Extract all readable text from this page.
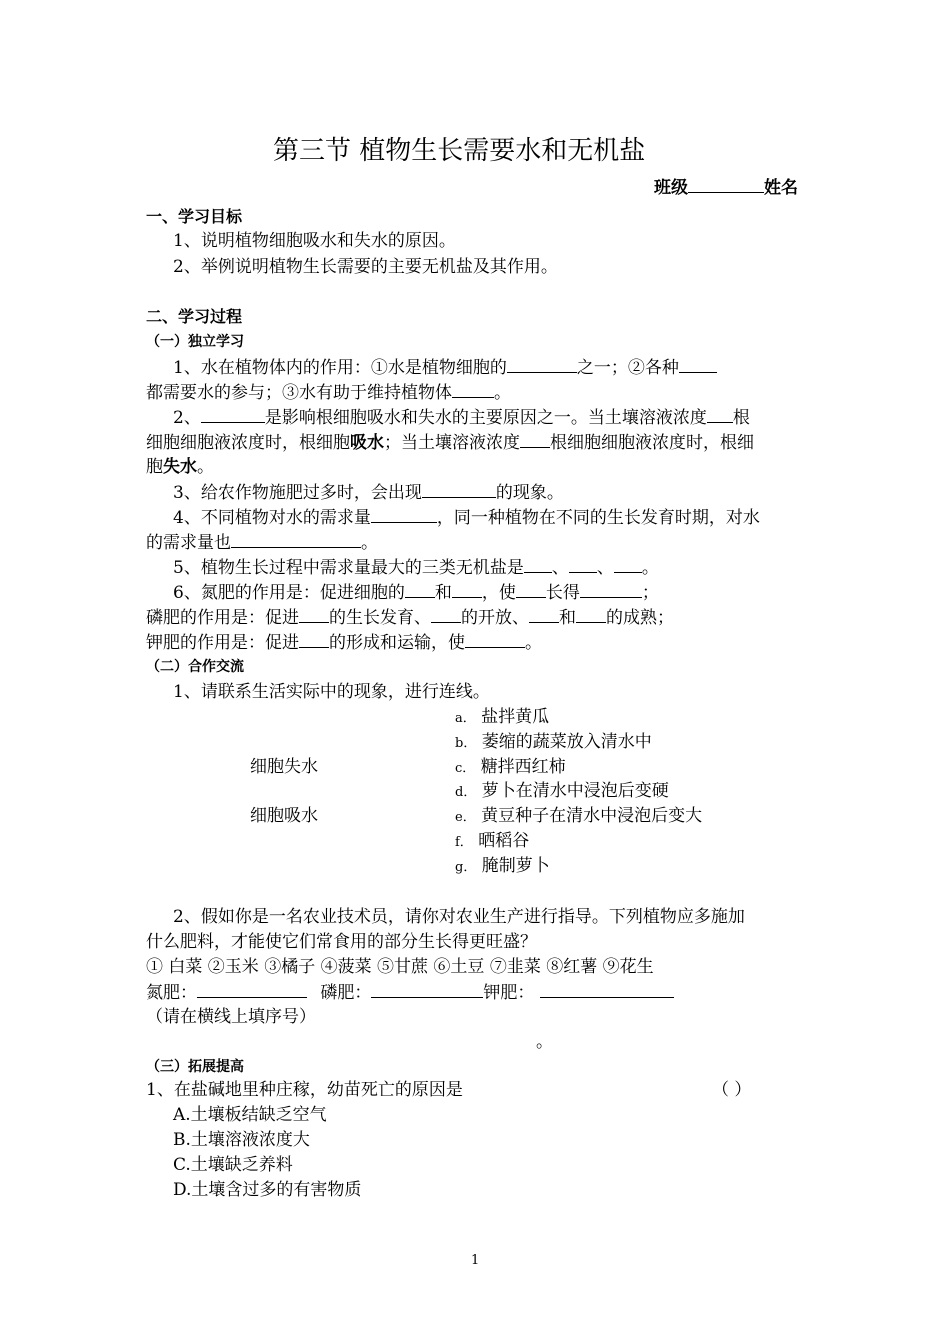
第三节 植物生长需要水和无机盐
班级	姓名
一、学习目标
1、说明植物细胞吸水和失水的原因。
2、举例说明植物生长需要的主要无机盐及其作用。
二、学习过程
（一）独立学习
1、水在植物体内的作用：①水是植物细胞的	之一；②各种
都需要水的参与；③水有助于维持植物体 。
2、	是影响根细胞吸水和失水的主要原因之一。当土壤溶液浓度 根
细胞细胞液浓度时，根细胞吸水；当土壤溶液浓度 根细胞细胞液浓度时，根细
胞失水。
3、给农作物施肥过多时，会出现	的现象。
4、不同植物对水的需求量	，同一种植物在不同的生长发育时期，对水
的需求量也	。
5、植物生长过程中需求量最大的三类无机盐是 、 、 。
6、氮肥的作用是：促进细胞的 和 ，使 长得	；
磷肥的作用是：促进 的生长发育、 的开放、 和 的成熟；
钾肥的作用是：促进 的形成和运输，使	。
（二）合作交流
1、请联系生活实际中的现象，进行连线。
细胞失水
细胞吸水
a． 盐拌黄瓜
b． 萎缩的蔬菜放入清水中
c． 糖拌西红柿
d． 萝卜在清水中浸泡后变硬
e． 黄豆种子在清水中浸泡后变大
f． 晒稻谷
g． 腌制萝卜
2、假如你是一名农业技术员，请你对农业生产进行指导。下列植物应多施加
什么肥料，才能使它们常食用的部分生长得更旺盛？
① 白菜 ②玉米 ③橘子 ④菠菜 ⑤甘蔗 ⑥土豆 ⑦韭菜 ⑧红薯 ⑨花生
氮肥：	磷肥：	钾肥：
（请在横线上填序号）
。
（三）拓展提高
1、在盐碱地里种庄稼，幼苗死亡的原因是	（ ）
A.土壤板结缺乏空气
B.土壤溶液浓度大
C.土壤缺乏养料
D.土壤含过多的有害物质
1
